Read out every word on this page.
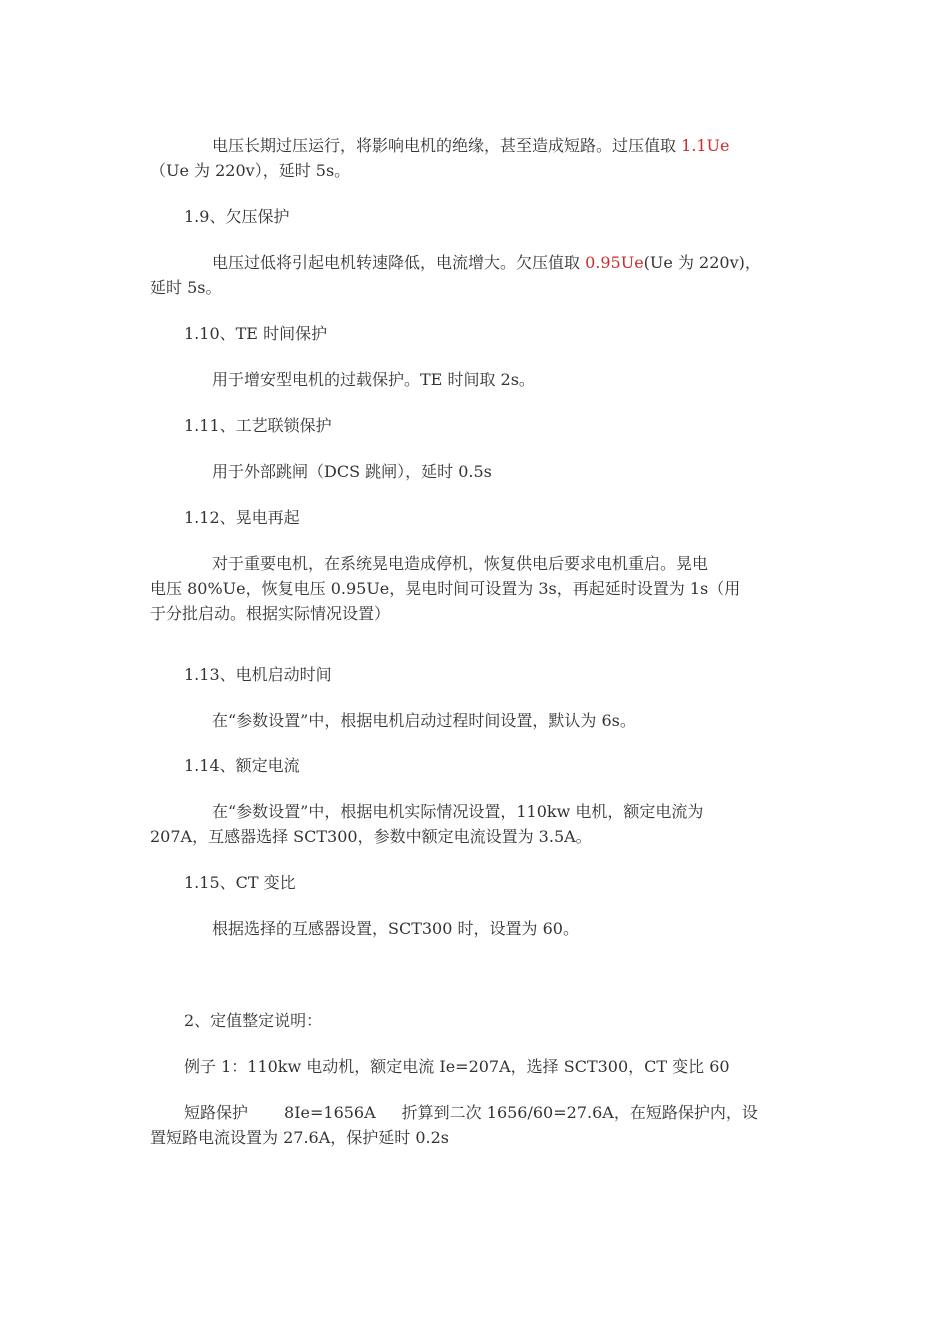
电压长期过压运行，将影响电机的绝缘，甚至造成短路。过压值取 1.1Ue
（Ue 为 220v），延时 5s。
1.9、欠压保护
电压过低将引起电机转速降低，电流增大。欠压值取 0.95Ue(Ue 为 220v)，
延时 5s。
1.10、TE 时间保护
用于增安型电机的过载保护。TE 时间取 2s。
1.11、工艺联锁保护
用于外部跳闸（DCS 跳闸），延时 0.5s
1.12、晃电再起
对于重要电机，在系统晃电造成停机，恢复供电后要求电机重启。晃电
电压 80%Ue，恢复电压 0.95Ue，晃电时间可设置为 3s，再起延时设置为 1s（用
于分批启动。根据实际情况设置）
1.13、电机启动时间
在“参数设置”中，根据电机启动过程时间设置，默认为 6s。
1.14、额定电流
在“参数设置”中，根据电机实际情况设置，110kw 电机，额定电流为
207A，互感器选择 SCT300，参数中额定电流设置为 3.5A。
1.15、CT 变比
根据选择的互感器设置，SCT300 时，设置为 60。
2、定值整定说明：
例子 1：110kw 电动机，额定电流 Ie=207A，选择 SCT300，CT 变比 60
短路保护 8Ie=1656A 折算到二次 1656/60=27.6A，在短路保护内，设
置短路电流设置为 27.6A，保护延时 0.2s
